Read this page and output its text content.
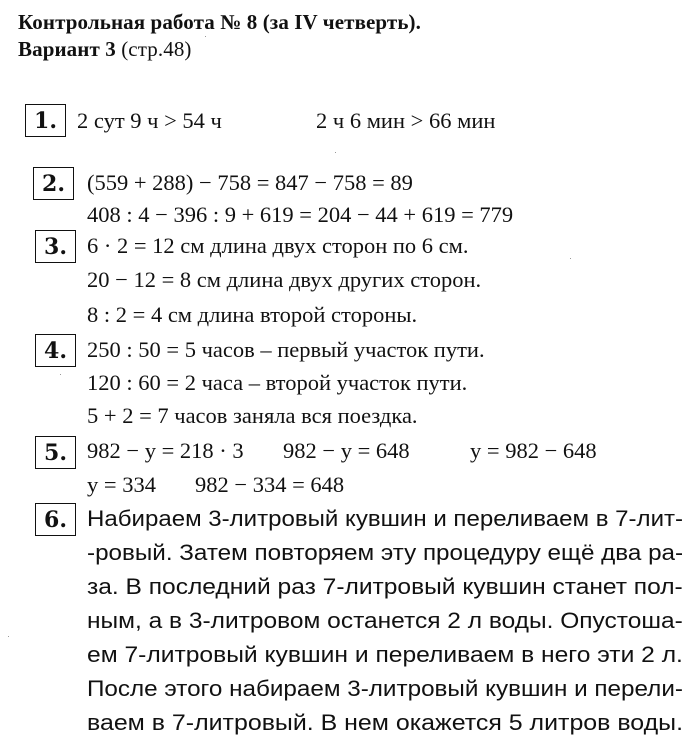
Контрольная работа № 8 (за IV четверть).
Вариант 3 (стр.48)
1. 2 сут 9 ч > 54 ч	2 ч 6 мин > 66 мин
2. (559 + 288) − 758 = 847 − 758 = 89
408 : 4 − 396 : 9 + 619 = 204 − 44 + 619 = 779
3. 6 · 2 = 12 см длина двух сторон по 6 см.
20 − 12 = 8 см длина двух других сторон.
8 : 2 = 4 см длина второй стороны.
4. 250 : 50 = 5 часов – первый участок пути.
120 : 60 = 2 часа – второй участок пути.
5 + 2 = 7 часов заняла вся поездка.
5. 982 − y = 218 · 3 982 − y = 648	y = 982 − 648
y = 334 982 − 334 = 648
6. Набираем 3-литровый кувшин и переливаем в 7-лит-
-ровый. Затем повторяем эту процедуру ещё два ра-
за. В последний раз 7-литровый кувшин станет пол-
ным, а в 3-литровом останется 2 л воды. Опустоша-
ем 7-литровый кувшин и переливаем в него эти 2 л.
После этого набираем 3-литровый кувшин и перели-
ваем в 7-литровый. В нем окажется 5 литров воды.
